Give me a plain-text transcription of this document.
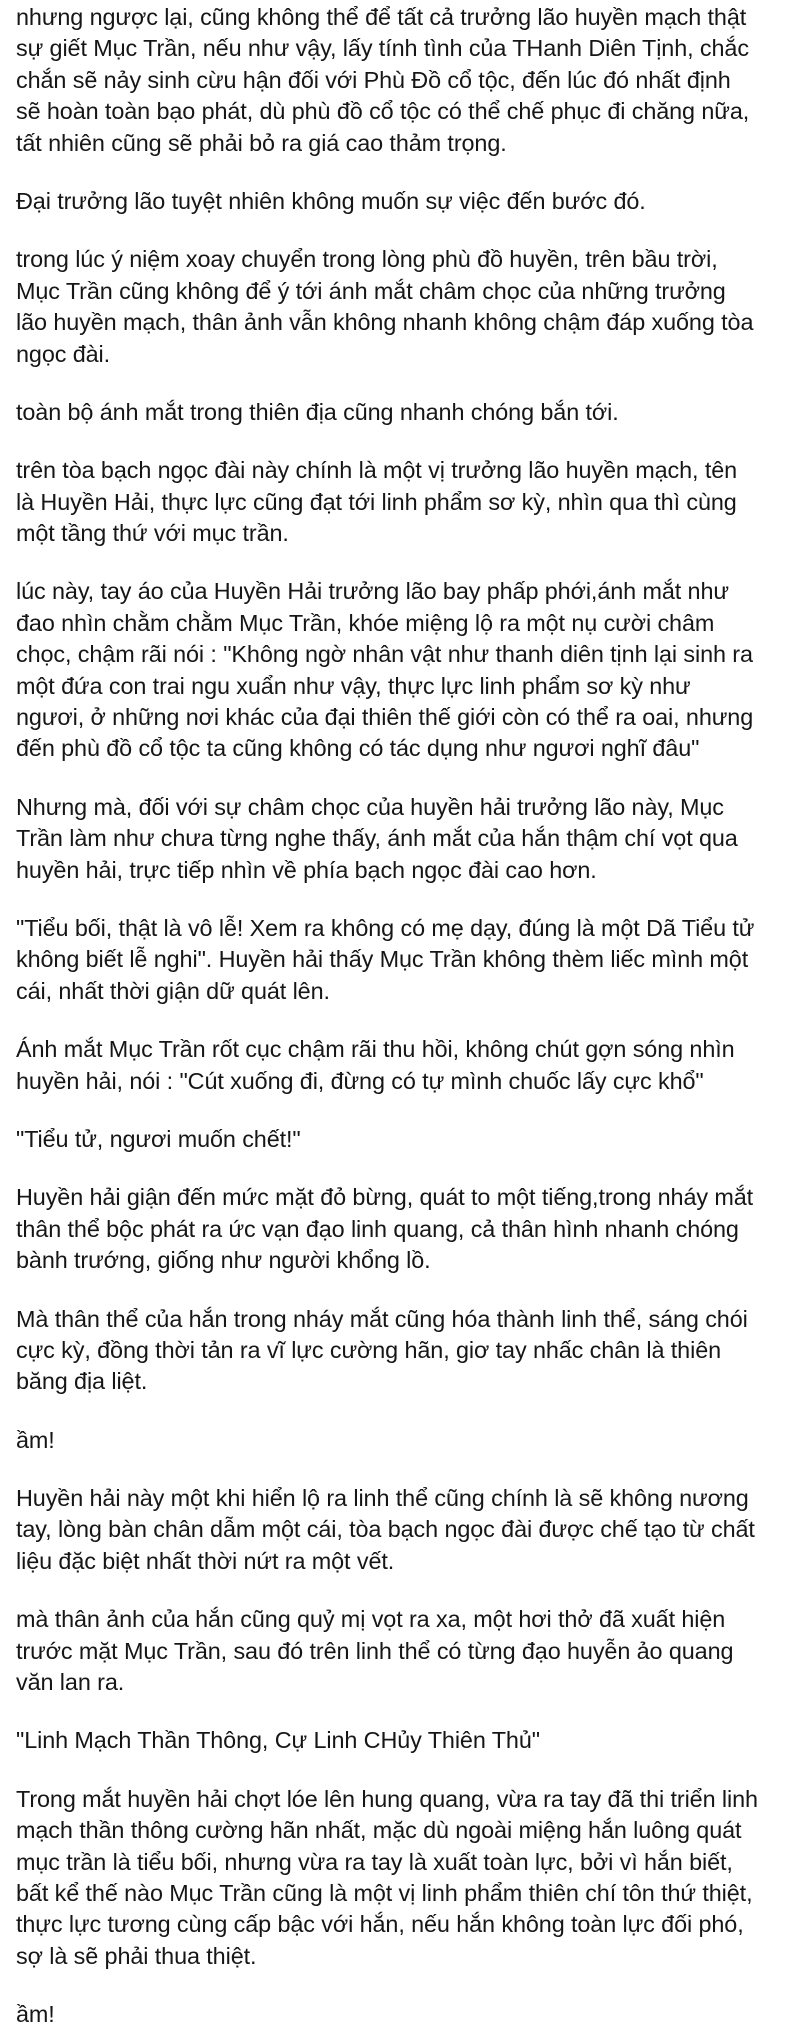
nhưng ngược lại, cũng không thể để tất cả trưởng lão huyền mạch thật
sự giết Mục Trần, nếu như vậy, lấy tính tình của THanh Diên Tịnh, chắc
chắn sẽ nảy sinh cừu hận đối với Phù Đồ cổ tộc, đến lúc đó nhất định
sẽ hoàn toàn bạo phát, dù phù đồ cổ tộc có thể chế phục đi chăng nữa,
tất nhiên cũng sẽ phải bỏ ra giá cao thảm trọng.

Đại trưởng lão tuyệt nhiên không muốn sự việc đến bước đó.

trong lúc ý niệm xoay chuyển trong lòng phù đồ huyền, trên bầu trời,
Mục Trần cũng không để ý tới ánh mắt châm chọc của những trưởng
lão huyền mạch, thân ảnh vẫn không nhanh không chậm đáp xuống tòa
ngọc đài.

toàn bộ ánh mắt trong thiên địa cũng nhanh chóng bắn tới.

trên tòa bạch ngọc đài này chính là một vị trưởng lão huyền mạch, tên
là Huyền Hải, thực lực cũng đạt tới linh phẩm sơ kỳ, nhìn qua thì cùng
một tầng thứ với mục trần.

lúc này, tay áo của Huyền Hải trưởng lão bay phấp phới,ánh mắt như
đao nhìn chằm chằm Mục Trần, khóe miệng lộ ra một nụ cười châm
chọc, chậm rãi nói : "Không ngờ nhân vật như thanh diên tịnh lại sinh ra
một đứa con trai ngu xuẩn như vậy, thực lực linh phẩm sơ kỳ như
ngươi, ở những nơi khác của đại thiên thế giới còn có thể ra oai, nhưng
đến phù đồ cổ tộc ta cũng không có tác dụng như ngươi nghĩ đâu"

Nhưng mà, đối với sự châm chọc của huyền hải trưởng lão này, Mục
Trần làm như chưa từng nghe thấy, ánh mắt của hắn thậm chí vọt qua
huyền hải, trực tiếp nhìn về phía bạch ngọc đài cao hơn.

"Tiểu bối, thật là vô lễ! Xem ra không có mẹ dạy, đúng là một Dã Tiểu tử
không biết lễ nghi". Huyền hải thấy Mục Trần không thèm liếc mình một
cái, nhất thời giận dữ quát lên.

Ánh mắt Mục Trần rốt cục chậm rãi thu hồi, không chút gợn sóng nhìn
huyền hải, nói : "Cút xuống đi, đừng có tự mình chuốc lấy cực khổ"

"Tiểu tử, ngươi muốn chết!"

Huyền hải giận đến mức mặt đỏ bừng, quát to một tiếng,trong nháy mắt
thân thể bộc phát ra ức vạn đạo linh quang, cả thân hình nhanh chóng
bành trướng, giống như người khổng lồ.

Mà thân thể của hắn trong nháy mắt cũng hóa thành linh thể, sáng chói
cực kỳ, đồng thời tản ra vĩ lực cường hãn, giơ tay nhấc chân là thiên
băng địa liệt.

ầm!

Huyền hải này một khi hiển lộ ra linh thể cũng chính là sẽ không nương
tay, lòng bàn chân dẫm một cái, tòa bạch ngọc đài được chế tạo từ chất
liệu đặc biệt nhất thời nứt ra một vết.

mà thân ảnh của hắn cũng quỷ mị vọt ra xa, một hơi thở đã xuất hiện
trước mặt Mục Trần, sau đó trên linh thể có từng đạo huyễn ảo quang
văn lan ra.

"Linh Mạch Thần Thông, Cự Linh CHủy Thiên Thủ"

Trong mắt huyền hải chợt lóe lên hung quang, vừa ra tay đã thi triển linh
mạch thần thông cường hãn nhất, mặc dù ngoài miệng hắn luông quát
mục trần là tiểu bối, nhưng vừa ra tay là xuất toàn lực, bởi vì hắn biết,
bất kể thế nào Mục Trần cũng là một vị linh phẩm thiên chí tôn thứ thiệt,
thực lực tương cùng cấp bậc với hắn, nếu hắn không toàn lực đối phó,
sợ là sẽ phải thua thiệt.

ầm!
